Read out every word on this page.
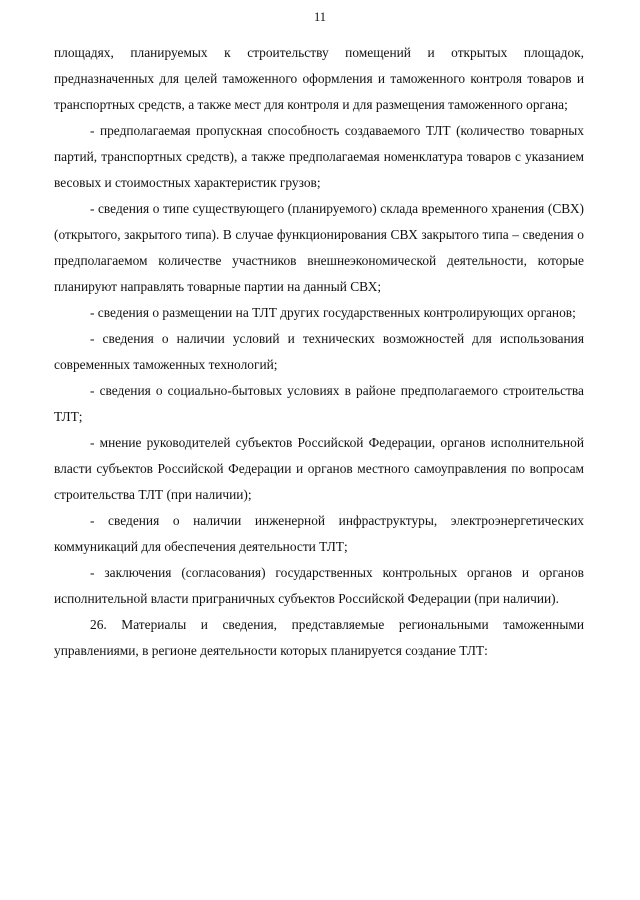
11

площадях, планируемых к строительству помещений и открытых площадок, предназначенных для целей таможенного оформления и таможенного контроля товаров и транспортных средств, а также мест для контроля и для размещения таможенного органа;

- предполагаемая пропускная способность создаваемого ТЛТ (количество товарных партий, транспортных средств), а также предполагаемая номенклатура товаров с указанием весовых и стоимостных характеристик грузов;

- сведения о типе существующего (планируемого) склада временного хранения (СВХ) (открытого, закрытого типа). В случае функционирования СВХ закрытого типа – сведения о предполагаемом количестве участников внешнеэкономической деятельности, которые планируют направлять товарные партии на данный СВХ;

- сведения о размещении на ТЛТ других государственных контролирующих органов;

- сведения о наличии условий и технических возможностей для использования современных таможенных технологий;

- сведения о социально-бытовых условиях в районе предполагаемого строительства ТЛТ;

- мнение руководителей субъектов Российской Федерации, органов исполнительной власти субъектов Российской Федерации и органов местного самоуправления по вопросам строительства ТЛТ (при наличии);

- сведения о наличии инженерной инфраструктуры, электроэнергетических коммуникаций для обеспечения деятельности ТЛТ;

- заключения (согласования) государственных контрольных органов и органов исполнительной власти приграничных субъектов Российской Федерации (при наличии).

26. Материалы и сведения, представляемые региональными таможенными управлениями, в регионе деятельности которых планируется создание ТЛТ:
